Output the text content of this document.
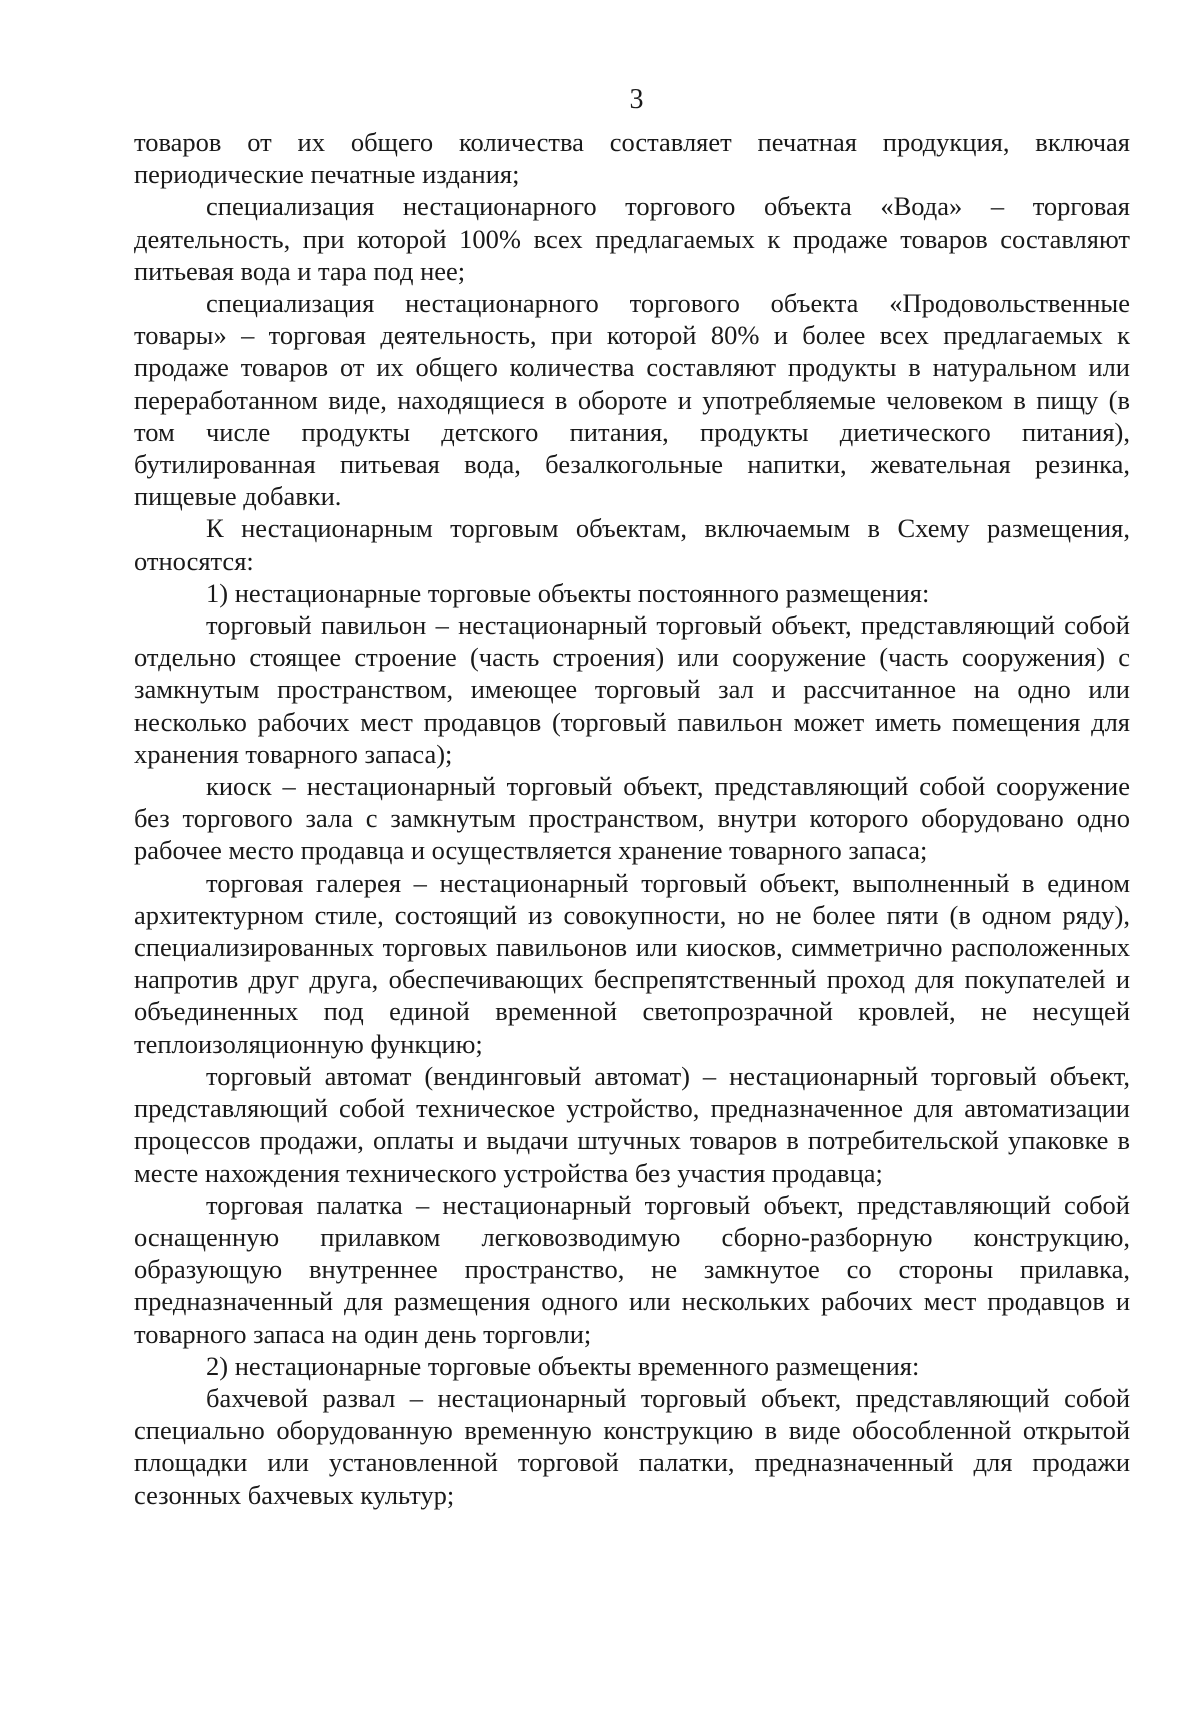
3

товаров от их общего количества составляет печатная продукция, включая периодические печатные издания;

специализация нестационарного торгового объекта «Вода» – торговая деятельность, при которой 100% всех предлагаемых к продаже товаров составляют питьевая вода и тара под нее;

специализация нестационарного торгового объекта «Продовольственные товары» – торговая деятельность, при которой 80% и более всех предлагаемых к продаже товаров от их общего количества составляют продукты в натуральном или переработанном виде, находящиеся в обороте и употребляемые человеком в пищу (в том числе продукты детского питания, продукты диетического питания), бутилированная питьевая вода, безалкогольные напитки, жевательная резинка, пищевые добавки.

К нестационарным торговым объектам, включаемым в Схему размещения, относятся:

1) нестационарные торговые объекты постоянного размещения:

торговый павильон – нестационарный торговый объект, представляющий собой отдельно стоящее строение (часть строения) или сооружение (часть сооружения) с замкнутым пространством, имеющее торговый зал и рассчитанное на одно или несколько рабочих мест продавцов (торговый павильон может иметь помещения для хранения товарного запаса);

киоск – нестационарный торговый объект, представляющий собой сооружение без торгового зала с замкнутым пространством, внутри которого оборудовано одно рабочее место продавца и осуществляется хранение товарного запаса;

торговая галерея – нестационарный торговый объект, выполненный в едином архитектурном стиле, состоящий из совокупности, но не более пяти (в одном ряду), специализированных торговых павильонов или киосков, симметрично расположенных напротив друг друга, обеспечивающих беспрепятственный проход для покупателей и объединенных под единой временной светопрозрачной кровлей, не несущей теплоизоляционную функцию;

торговый автомат (вендинговый автомат) – нестационарный торговый объект, представляющий собой техническое устройство, предназначенное для автоматизации процессов продажи, оплаты и выдачи штучных товаров в потребительской упаковке в месте нахождения технического устройства без участия продавца;

торговая палатка – нестационарный торговый объект, представляющий собой оснащенную прилавком легковозводимую сборно-разборную конструкцию, образующую внутреннее пространство, не замкнутое со стороны прилавка, предназначенный для размещения одного или нескольких рабочих мест продавцов и товарного запаса на один день торговли;

2) нестационарные торговые объекты временного размещения:

бахчевой развал – нестационарный торговый объект, представляющий собой специально оборудованную временную конструкцию в виде обособленной открытой площадки или установленной торговой палатки, предназначенный для продажи сезонных бахчевых культур;
